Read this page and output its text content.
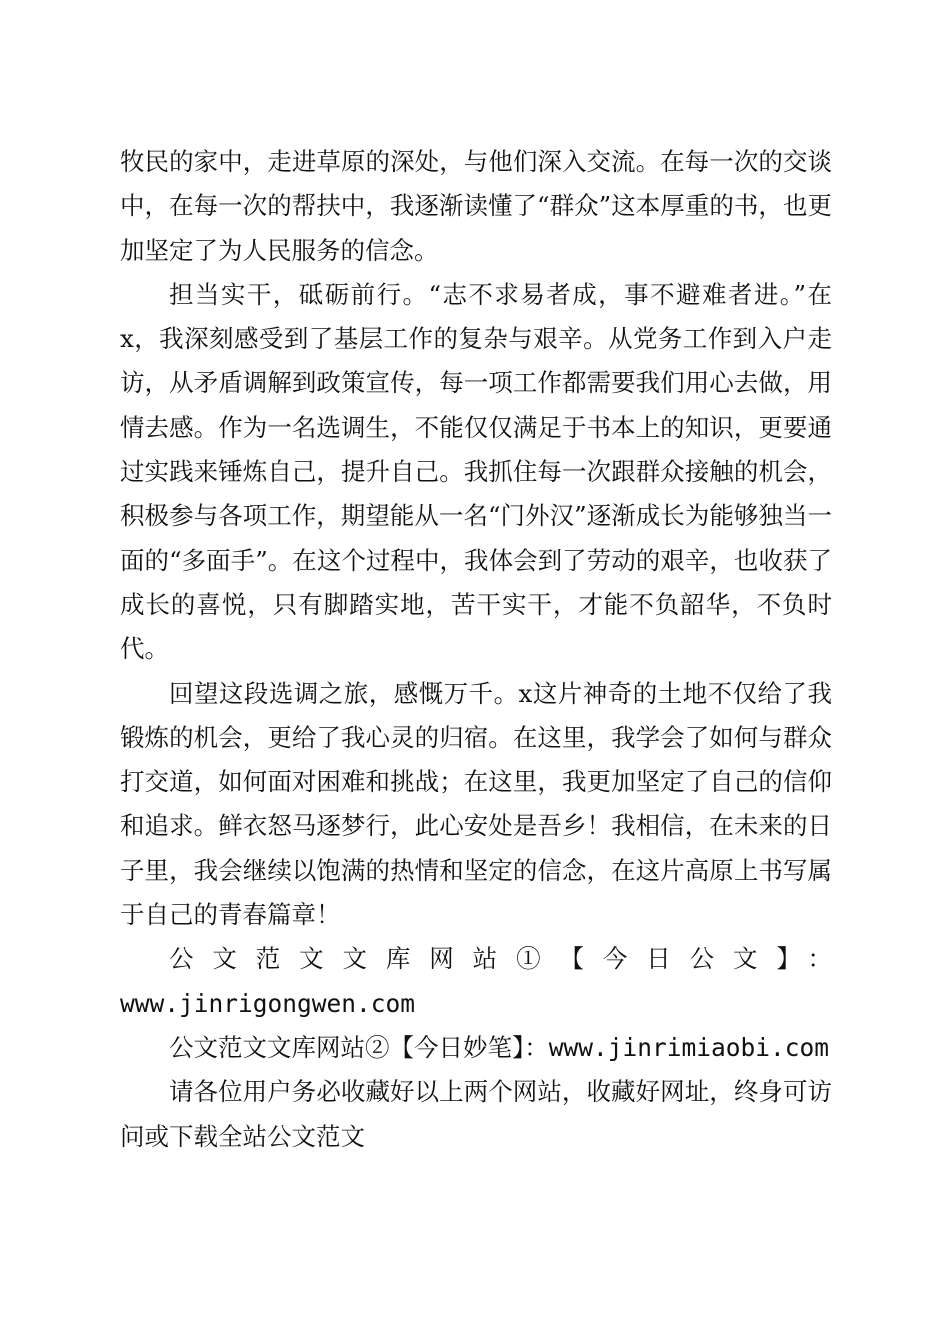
牧民的家中，走进草原的深处，与他们深入交流。在每一次的交谈中，在每一次的帮扶中，我逐渐读懂了“群众”这本厚重的书，也更加坚定了为人民服务的信念。

担当实干，砥砺前行。“志不求易者成，事不避难者进。”在x，我深刻感受到了基层工作的复杂与艰辛。从党务工作到入户走访，从矛盾调解到政策宣传，每一项工作都需要我们用心去做，用情去感。作为一名选调生，不能仅仅满足于书本上的知识，更要通过实践来锤炼自己，提升自己。我抓住每一次跟群众接触的机会，积极参与各项工作，期望能从一名“门外汉”逐渐成长为能够独当一面的“多面手”。在这个过程中，我体会到了劳动的艰辛，也收获了成长的喜悦，只有脚踏实地，苦干实干，才能不负韶华，不负时代。

回望这段选调之旅，感慨万千。x这片神奇的土地不仅给了我锻炼的机会，更给了我心灵的归宿。在这里，我学会了如何与群众打交道，如何面对困难和挑战；在这里，我更加坚定了自己的信仰和追求。鲜衣怒马逐梦行，此心安处是吾乡！我相信，在未来的日子里，我会继续以饱满的热情和坚定的信念，在这片高原上书写属于自己的青春篇章！

公文范文文库网站①【今日公文】：

www.jinrigongwen.com

公文范文文库网站②【今日妙笔】：www.jinrimiaobi.com

请各位用户务必收藏好以上两个网站，收藏好网址，终身可访问或下载全站公文范文
